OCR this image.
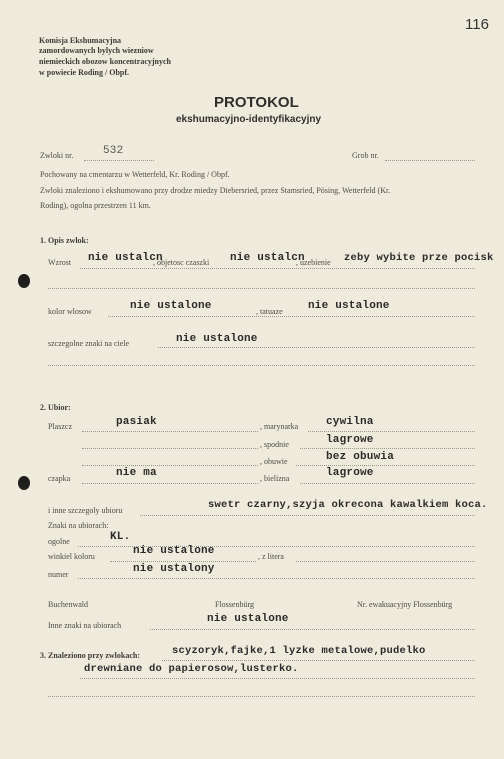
116
Komisja Ekshumacyjna
zamordowanych bylych wiezniow
niemieckich obozow koncentracyjnych
w powiecie Roding / Obpf.
PROTOKOL
ekshumacyjno-identyfikacyjny
Zwloki nr.	532	Grob nr.
Pochowany na cmentarzu w Wetterfeld, Kr. Roding / Obpf.
Zwloki znaleziono i ekshumowano przy drodze miedzy Diebersried, przez Stamsried, Pösing, Wetterfeld (Kr.
Roding), ogolna przestrzen 11 km.
1. Opis zwlok:
Wzrost nie ustalcn
, objetosc czaszki nie ustalcn
, uzebienie zeby wybite prze pocisk
kolor wlosow	nie ustalone	, tatuaze nie ustalone
szczegolne znaki na ciele	nie ustalone
2. Ubior:
Plaszcz	pasiak	, marynarka	cywilna
, spodnie	lagrowe
, obuwie	bez obuwia
czapka	nie ma	, bielizna	lagrowe
i inne szczegoly ubioru	swetr czarny,szyja okrecona kawalkiem koca.
Znaki na ubiorach:
ogolne	KL.
winkiel koloru	nie ustalone	, z litera
numer	nie ustalony
Buchenwald	Flossenbürg	Nr. ewakuacyjny Flossenbürg
Inne znaki na ubiorach
nie ustalone
3. Znaleziono przy zwlokach:	scyzoryk,fajke,1 lyzke metalowe,pudelko
drewniane do papierosow,lusterko.
